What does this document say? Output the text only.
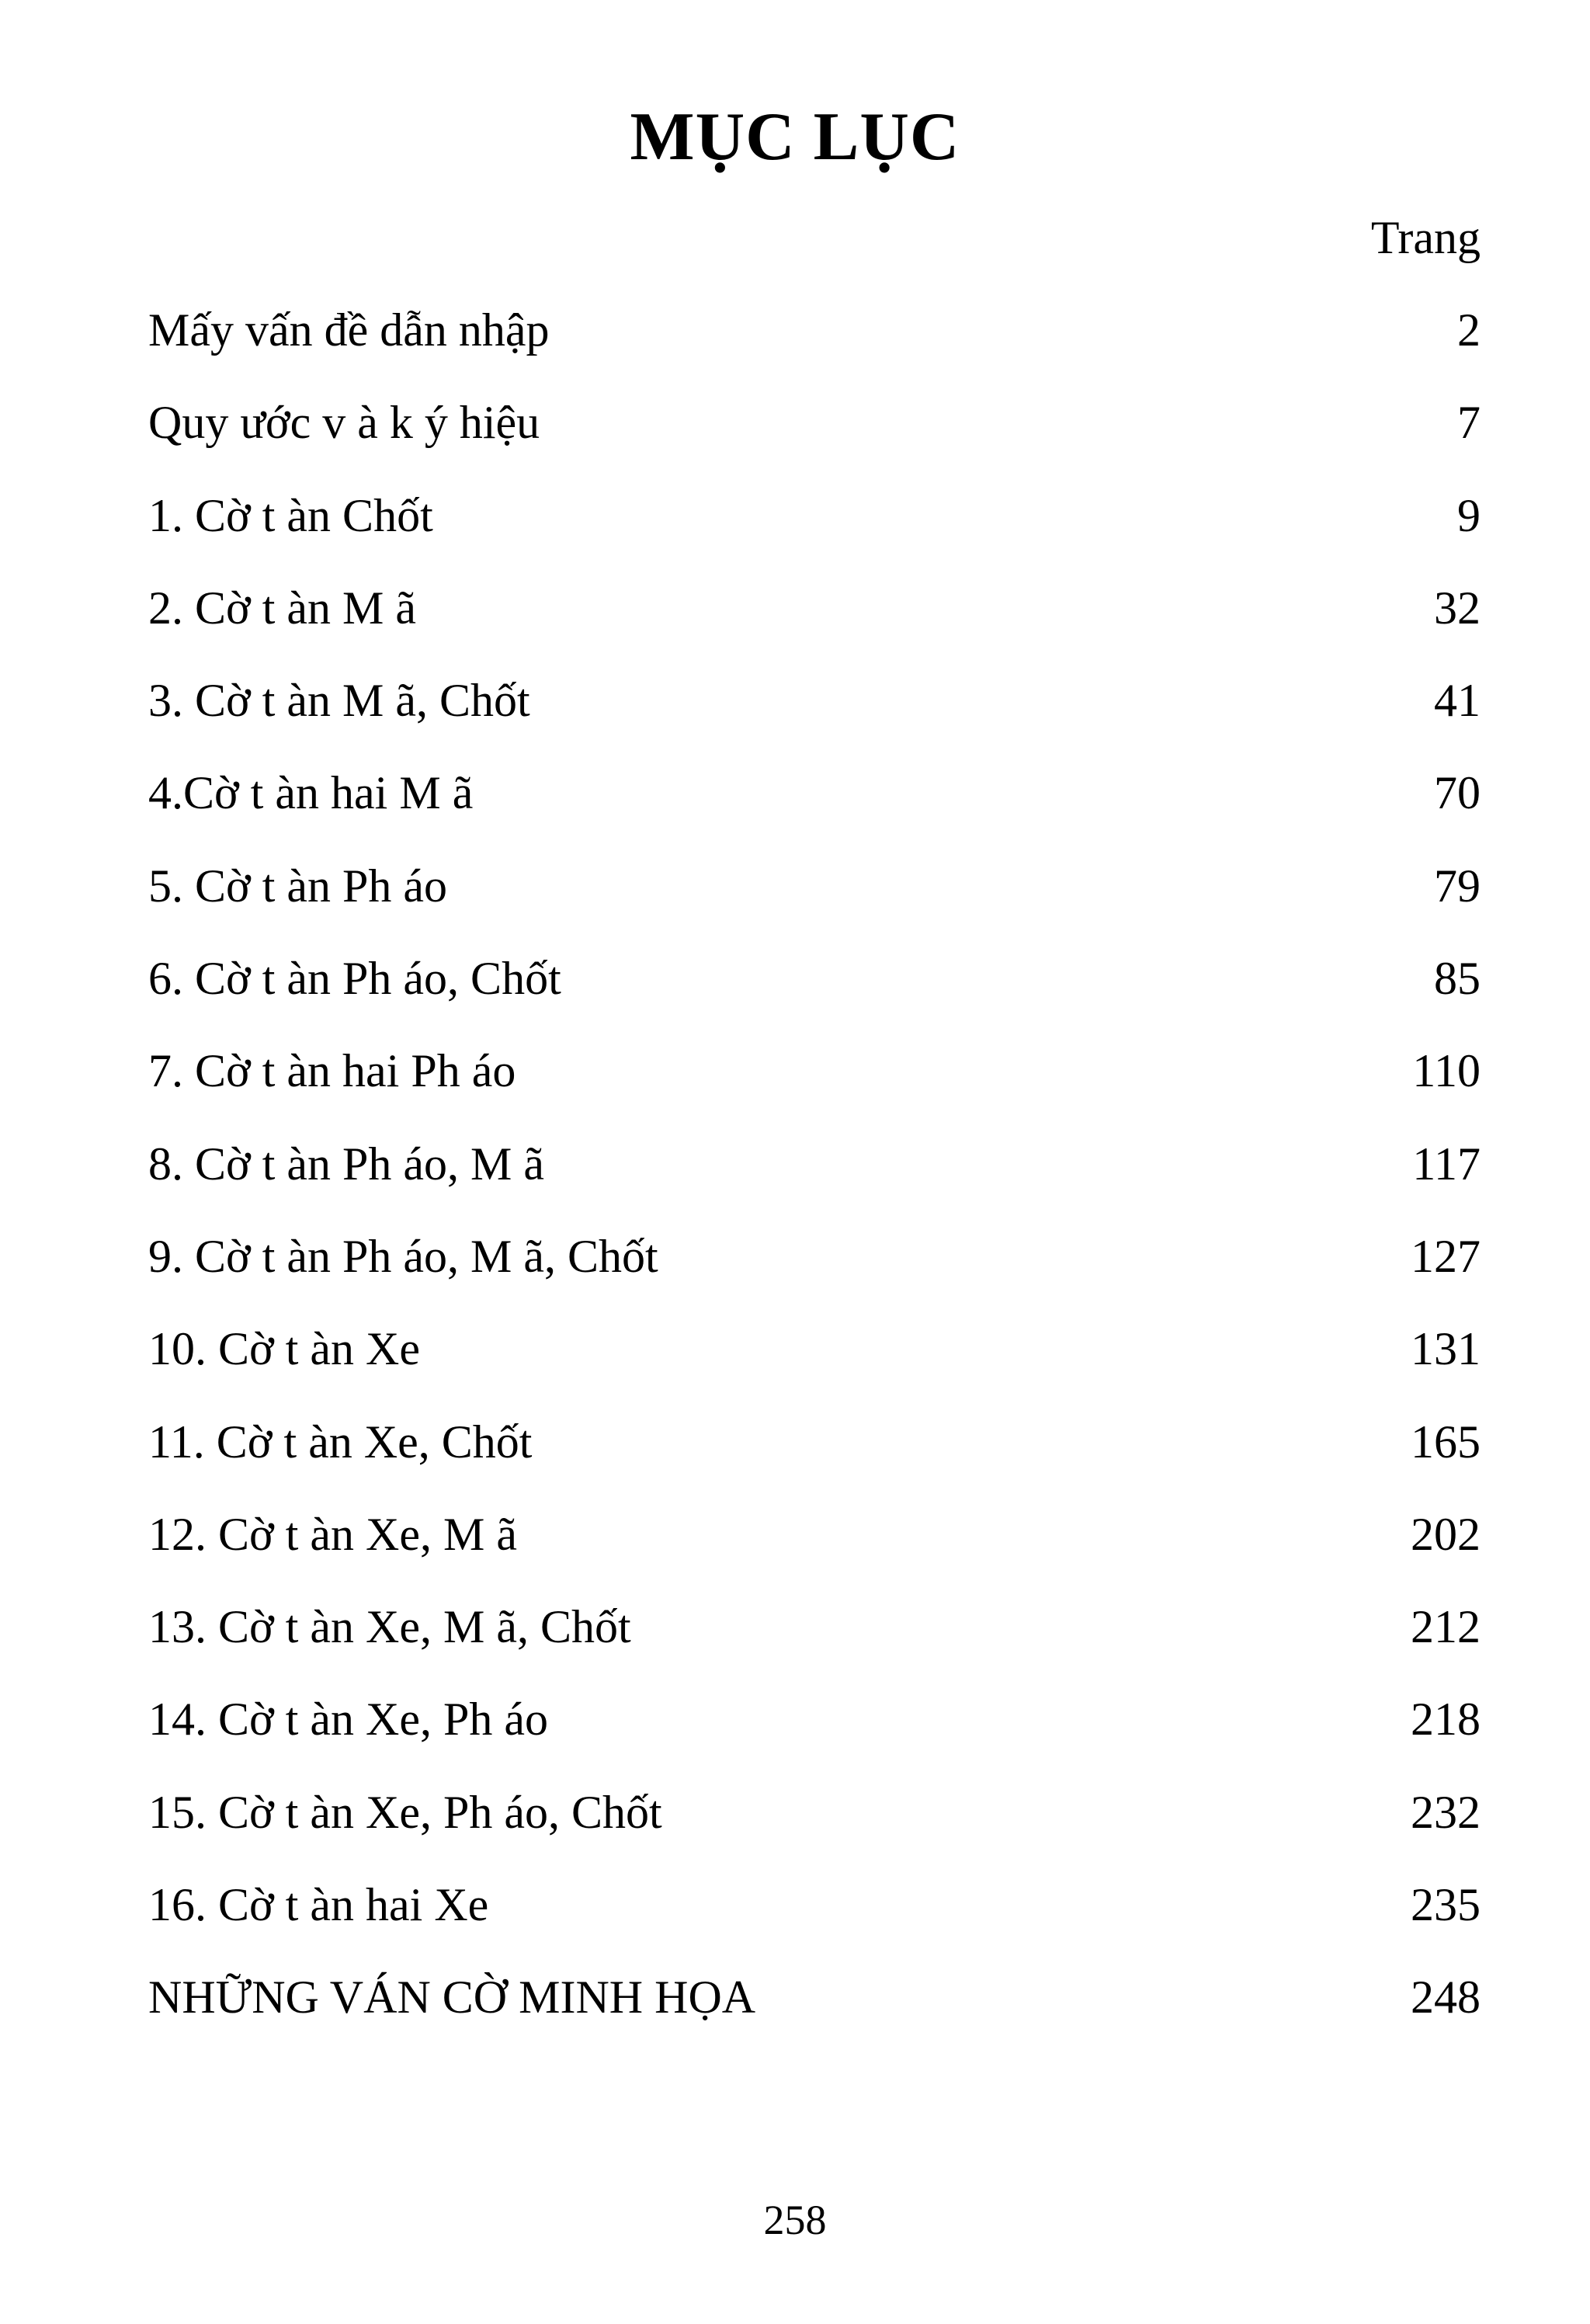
MỤC LỤC
Trang
Mấy vấn đề dẫn nhập	2
Quy ước v à k ý hiệu	7
1. Cờ t àn Chốt	9
2. Cờ t àn M ã	32
3. Cờ t àn M ã, Chốt	41
4.Cờ t àn hai M ã	70
5. Cờ t àn Ph áo	79
6. Cờ t àn Ph áo, Chốt	85
7. Cờ t àn hai Ph áo	110
8. Cờ t àn Ph áo, M ã	117
9. Cờ t àn Ph áo, M ã, Chốt	127
10. Cờ t àn Xe	131
11. Cờ t àn Xe, Chốt	165
12. Cờ t àn Xe, M ã	202
13. Cờ t àn Xe, M ã, Chốt	212
14. Cờ t àn Xe, Ph áo	218
15. Cờ t àn Xe, Ph áo, Chốt	232
16. Cờ t àn hai Xe	235
NHỮNG VÁN CỜ MINH HỌA	248
258
